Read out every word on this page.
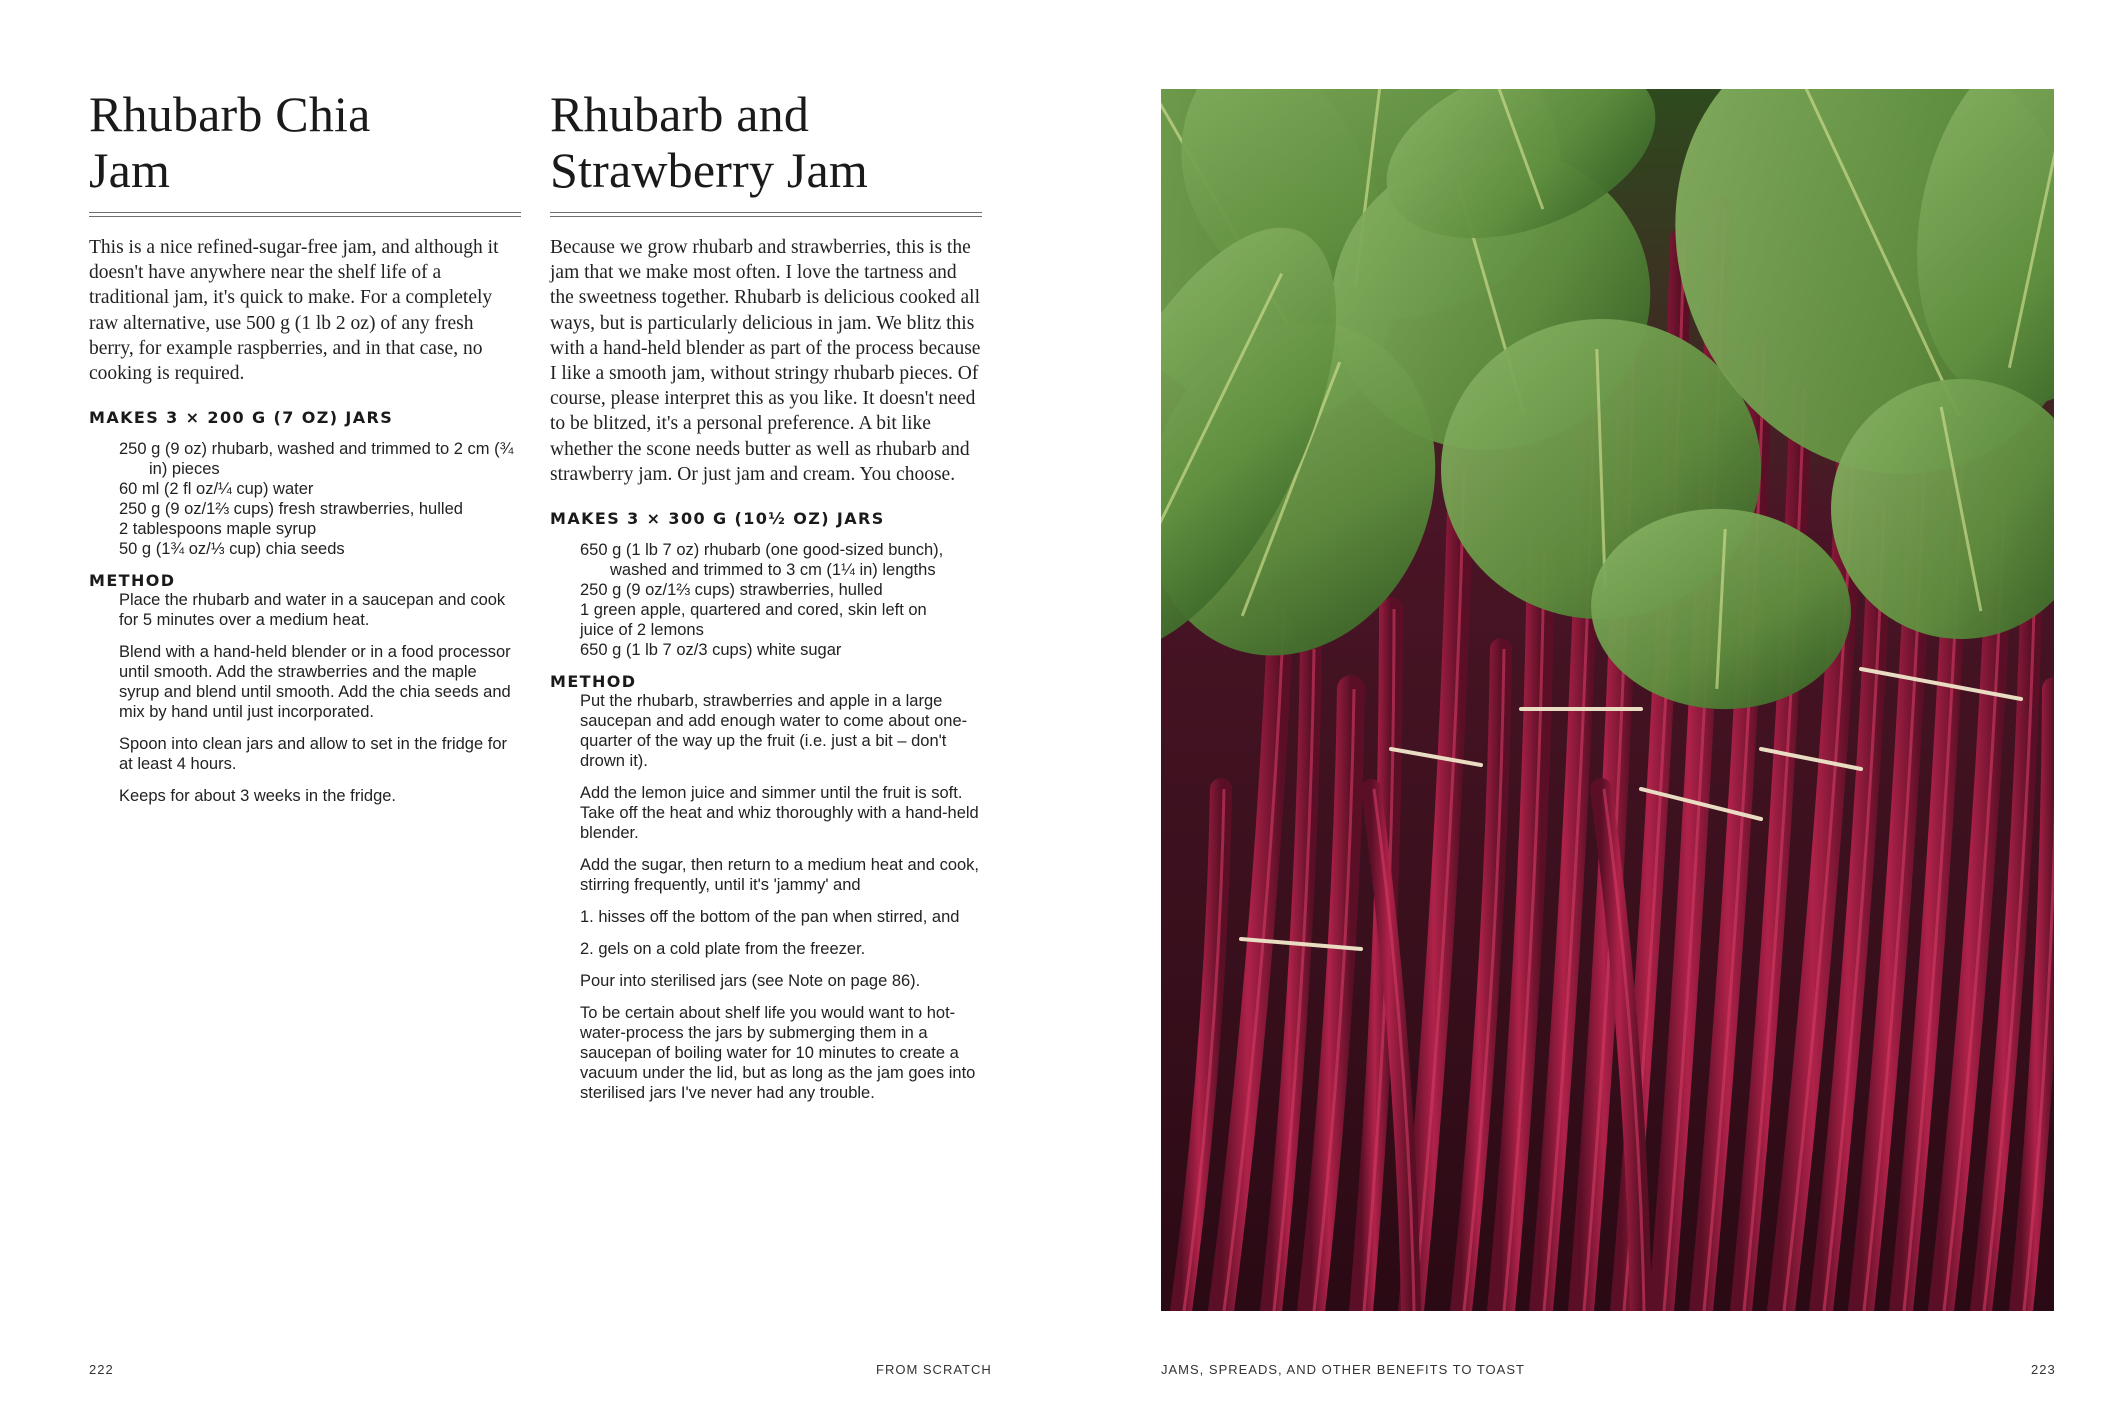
Rhubarb Chia
Jam

This is a nice refined-sugar-free jam, and although it doesn't have anywhere near the shelf life of a traditional jam, it's quick to make. For a completely raw alternative, use 500 g (1 lb 2 oz) of any fresh berry, for example raspberries, and in that case, no cooking is required.

MAKES 3 × 200 G (7 OZ) JARS
250 g (9 oz) rhubarb, washed and trimmed to 2 cm (¾ in) pieces
60 ml (2 fl oz/¼ cup) water
250 g (9 oz/1⅔ cups) fresh strawberries, hulled
2 tablespoons maple syrup
50 g (1¾ oz/⅓ cup) chia seeds
METHOD

Place the rhubarb and water in a saucepan and cook for 5 minutes over a medium heat.

Blend with a hand-held blender or in a food processor until smooth. Add the strawberries and the maple syrup and blend until smooth. Add the chia seeds and mix by hand until just incorporated.

Spoon into clean jars and allow to set in the fridge for at least 4 hours.

Keeps for about 3 weeks in the fridge.

Rhubarb and
Strawberry Jam

Because we grow rhubarb and strawberries, this is the jam that we make most often. I love the tartness and the sweetness together. Rhubarb is delicious cooked all ways, but is particularly delicious in jam. We blitz this with a hand-held blender as part of the process because I like a smooth jam, without stringy rhubarb pieces. Of course, please interpret this as you like. It doesn't need to be blitzed, it's a personal preference. A bit like whether the scone needs butter as well as rhubarb and strawberry jam. Or just jam and cream. You choose.

MAKES 3 × 300 G (10½ OZ) JARS
650 g (1 lb 7 oz) rhubarb (one good-sized bunch), washed and trimmed to 3 cm (1¼ in) lengths
250 g (9 oz/1⅔ cups) strawberries, hulled
1 green apple, quartered and cored, skin left on
juice of 2 lemons
650 g (1 lb 7 oz/3 cups) white sugar
METHOD

Put the rhubarb, strawberries and apple in a large saucepan and add enough water to come about one-quarter of the way up the fruit (i.e. just a bit – don't drown it).

Add the lemon juice and simmer until the fruit is soft. Take off the heat and whiz thoroughly with a hand-held blender.

Add the sugar, then return to a medium heat and cook, stirring frequently, until it's 'jammy' and

1. hisses off the bottom of the pan when stirred, and

2. gels on a cold plate from the freezer.

Pour into sterilised jars (see Note on page 86).

To be certain about shelf life you would want to hot-water-process the jars by submerging them in a saucepan of boiling water for 10 minutes to create a vacuum under the lid, but as long as the jam goes into sterilised jars I've never had any trouble.

222	FROM SCRATCH	JAMS, SPREADS, AND OTHER BENEFITS TO TOAST	223
